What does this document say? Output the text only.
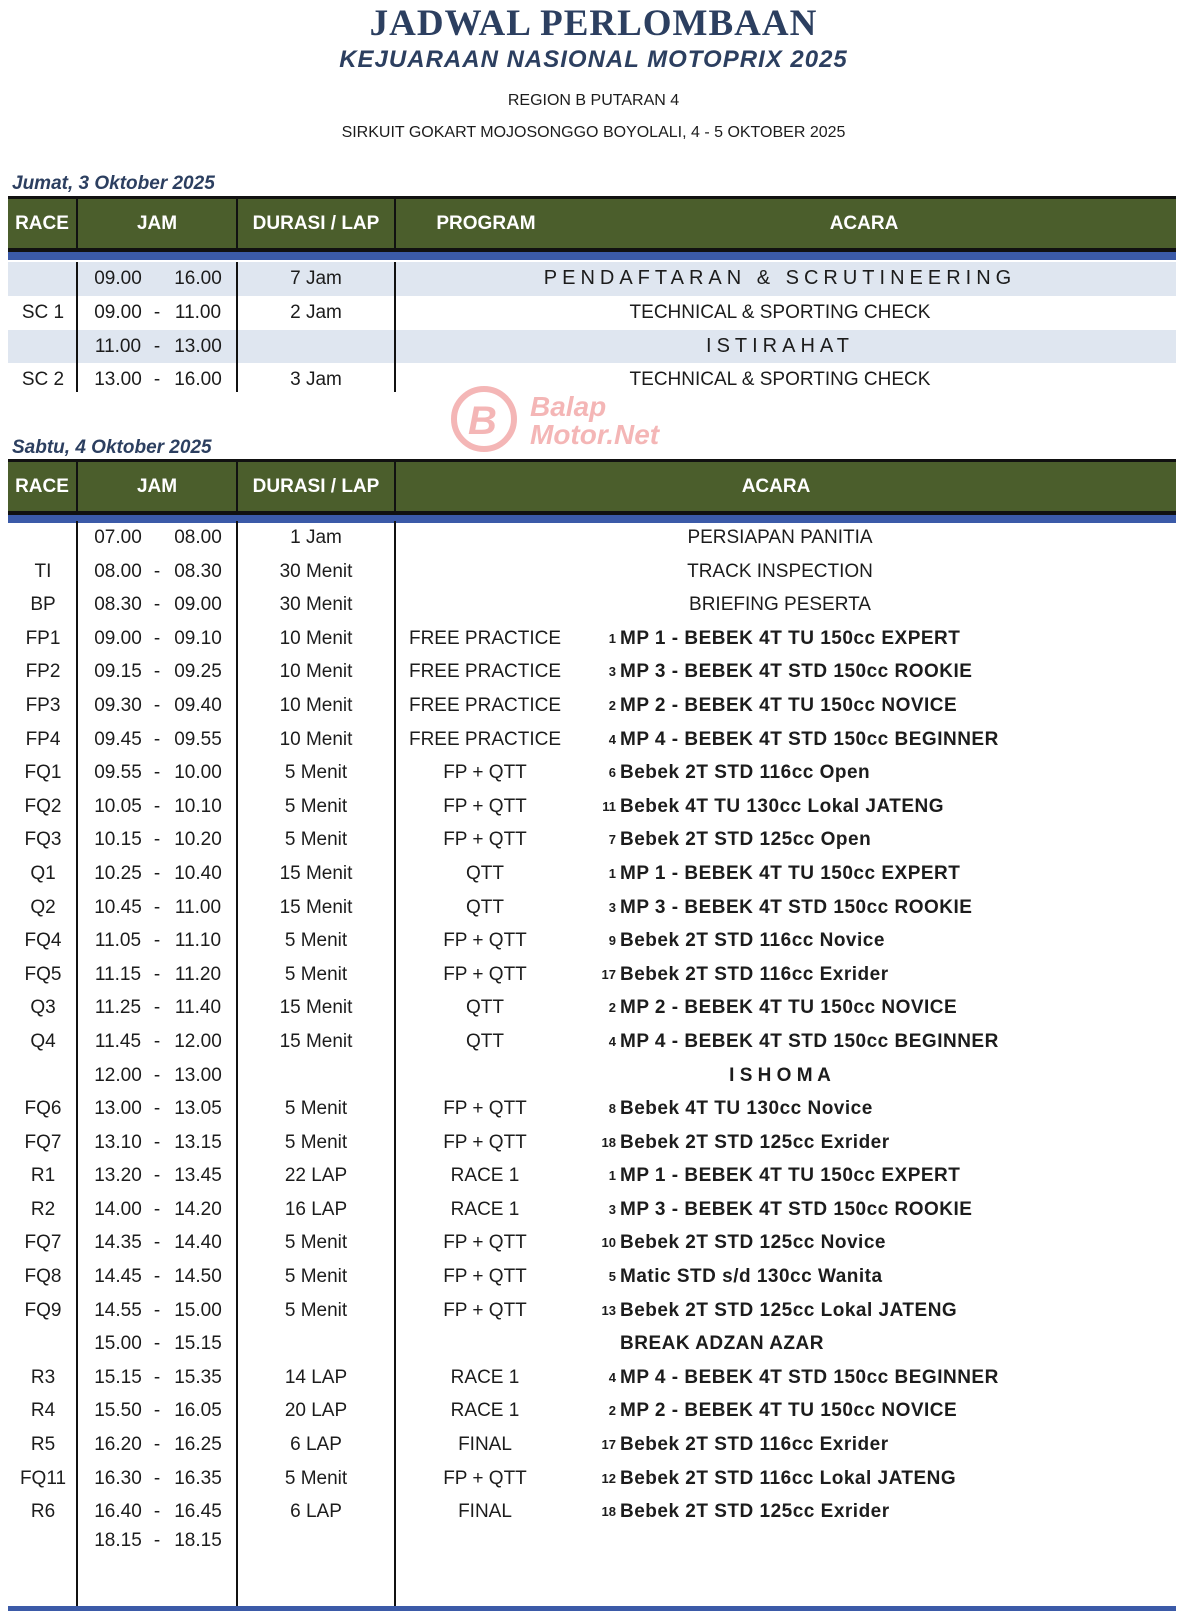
JADWAL PERLOMBAAN
KEJUARAAN NASIONAL MOTOPRIX 2025
REGION B PUTARAN 4
SIRKUIT GOKART MOJOSONGGO BOYOLALI, 4 - 5 OKTOBER 2025
Jumat, 3 Oktober 2025
RACE	JAM	DURASI / LAP	PROGRAM	ACARA
09.00	16.00	7 Jam	PENDAFTARAN & SCRUTINEERING
SC 1	09.00 - 11.00	2 Jam	TECHNICAL & SPORTING CHECK
11.00 - 13.00	ISTIRAHAT
SC 2	13.00 - 16.00	3 Jam	TECHNICAL & SPORTING CHECK
B Balap
Motor.Net
Sabtu, 4 Oktober 2025
RACE	JAM	DURASI / LAP	ACARA
07.00	08.00	1 Jam	PERSIAPAN PANITIA
TI	08.00 - 08.30	30 Menit	TRACK INSPECTION
BP	08.30 - 09.00	30 Menit	BRIEFING PESERTA
FP1	09.00 - 09.10	10 Menit	FREE PRACTICE	1 MP 1 - BEBEK 4T TU 150cc EXPERT
FP2	09.15 - 09.25	10 Menit	FREE PRACTICE	3 MP 3 - BEBEK 4T STD 150cc ROOKIE
FP3	09.30 - 09.40	10 Menit	FREE PRACTICE	2 MP 2 - BEBEK 4T TU 150cc NOVICE
FP4	09.45 - 09.55	10 Menit	FREE PRACTICE	4 MP 4 - BEBEK 4T STD 150cc BEGINNER
FQ1	09.55 - 10.00	5 Menit	FP + QTT	6 Bebek 2T STD 116cc Open
FQ2	10.05 - 10.10	5 Menit	FP + QTT	11 Bebek 4T TU 130cc Lokal JATENG
FQ3	10.15 - 10.20	5 Menit	FP + QTT	7 Bebek 2T STD 125cc Open
Q1	10.25 - 10.40	15 Menit	QTT	1 MP 1 - BEBEK 4T TU 150cc EXPERT
Q2	10.45 - 11.00	15 Menit	QTT	3 MP 3 - BEBEK 4T STD 150cc ROOKIE
FQ4	11.05 - 11.10	5 Menit	FP + QTT	9 Bebek 2T STD 116cc Novice
FQ5	11.15 - 11.20	5 Menit	FP + QTT	17 Bebek 2T STD 116cc Exrider
Q3	11.25 - 11.40	15 Menit	QTT	2 MP 2 - BEBEK 4T TU 150cc NOVICE
Q4	11.45 - 12.00	15 Menit	QTT	4 MP 4 - BEBEK 4T STD 150cc BEGINNER
12.00 - 13.00	I S H O M A
FQ6	13.00 - 13.05	5 Menit	FP + QTT	8 Bebek 4T TU 130cc Novice
FQ7	13.10 - 13.15	5 Menit	FP + QTT	18 Bebek 2T STD 125cc Exrider
R1	13.20 - 13.45	22 LAP	RACE 1	1 MP 1 - BEBEK 4T TU 150cc EXPERT
R2	14.00 - 14.20	16 LAP	RACE 1	3 MP 3 - BEBEK 4T STD 150cc ROOKIE
FQ7	14.35 - 14.40	5 Menit	FP + QTT	10 Bebek 2T STD 125cc Novice
FQ8	14.45 - 14.50	5 Menit	FP + QTT	5 Matic STD s/d 130cc Wanita
FQ9	14.55 - 15.00	5 Menit	FP + QTT	13 Bebek 2T STD 125cc Lokal JATENG
15.00 - 15.15	BREAK ADZAN AZAR
R3	15.15 - 15.35	14 LAP	RACE 1	4 MP 4 - BEBEK 4T STD 150cc BEGINNER
R4	15.50 - 16.05	20 LAP	RACE 1	2 MP 2 - BEBEK 4T TU 150cc NOVICE
R5	16.20 - 16.25	6 LAP	FINAL	17 Bebek 2T STD 116cc Exrider
FQ11	16.30 - 16.35	5 Menit	FP + QTT	12 Bebek 2T STD 116cc Lokal JATENG
R6	16.40 - 16.45	6 LAP	FINAL	18 Bebek 2T STD 125cc Exrider
18.15 - 18.15
